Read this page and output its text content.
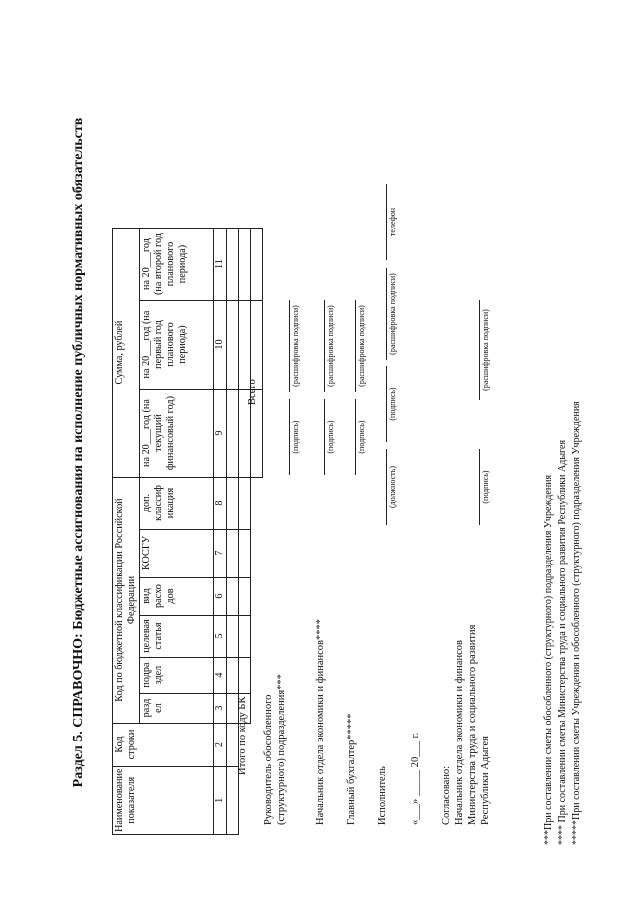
Раздел 5. СПРАВОЧНО: Бюджетные ассигнования на исполнение публичных нормативных обязательств
Наименование показателя	Код строки	Код по бюджетной классификации Российской Федерации						Сумма, рублей		
		разд ел	подра здел	целевая статья	вид расхо дов	КОСГУ	доп. классиф икация	на 20___год (на текущий финансовый год)	на 20___год (на первый год планового периода)	на 20___год (на второй год планового периода)
1	2	3	4	5	6	7	8	9	10	11

Итого по коду БК
Всего
Руководитель обособленного (структурного) подразделения***
(подпись)
(расшифровка подписи)
Начальник отдела экономики и финансов****
(подпись)
(расшифровка подписи)
Главный бухгалтер*****
(подпись)
(расшифровка подписи)
Исполнитель
(должность)
(подпись)
(расшифровка подписи)
телефон
«___» _____ 20___ г. Согласовано: Начальник отдела экономики и финансов Министерства труда и социального развития Республики Адыгея
(подпись)
(расшифровка подписи)
***При составлении сметы обособленного (структурного) подразделения Учреждения **** При составлении сметы Министерства труда и социального развития Республики Адыгея *****При составлении сметы Учреждения и обособленного (структурного) подразделения Учреждения
